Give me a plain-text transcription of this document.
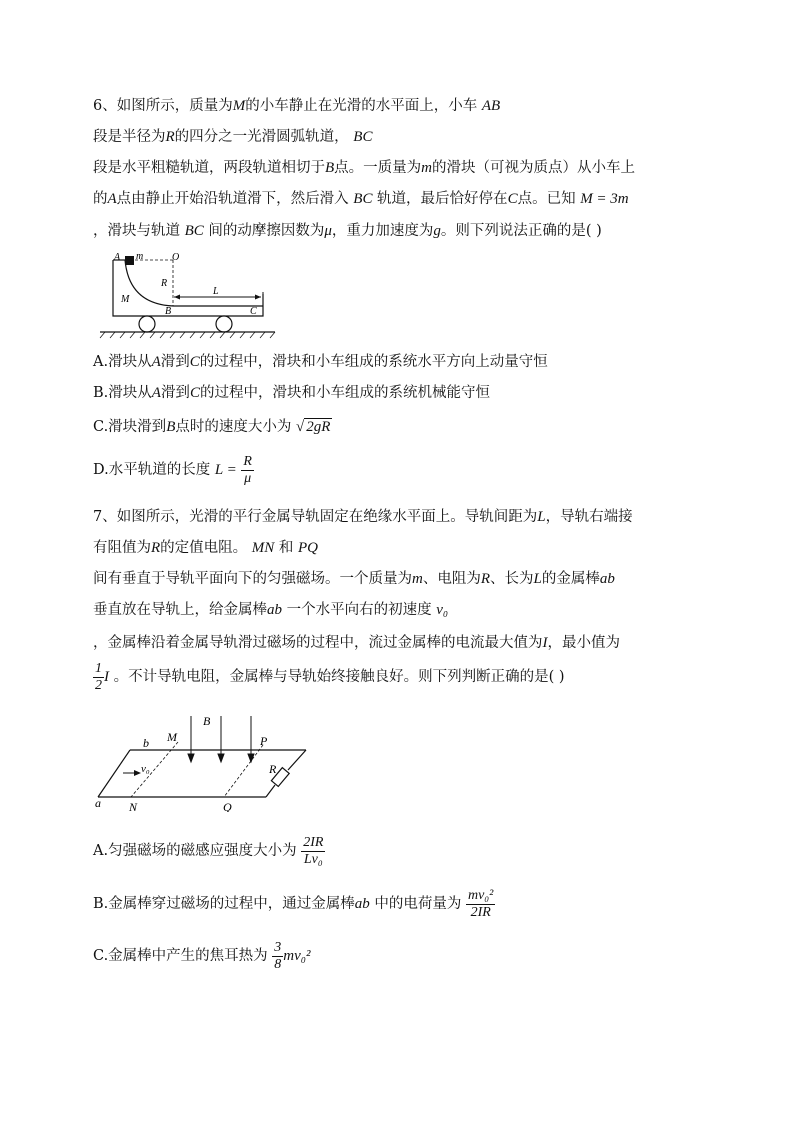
6、如图所示，质量为M的小车静止在光滑的水平面上，小车 AB
段是半径为R的四分之一光滑圆弧轨道， BC
段是水平粗糙轨道，两段轨道相切于B点。一质量为m的滑块（可视为质点）从小车上
的A点由静止开始沿轨道滑下，然后滑入 BC 轨道，最后恰好停在C点。已知 M = 3m
，滑块与轨道 BC 间的动摩擦因数为μ，重力加速度为g。则下列说法正确的是( )
A m	O
R
M
L
B	C
A.滑块从A滑到C的过程中，滑块和小车组成的系统水平方向上动量守恒
B.滑块从A滑到C的过程中，滑块和小车组成的系统机械能守恒
C.滑块滑到B点时的速度大小为 √ 2gR
D.水平轨道的长度 $L = \frac{R}{\mu}$
7、如图所示，光滑的平行金属导轨固定在绝缘水平面上。导轨间距为L，导轨右端接
有阻值为R的定值电阻。 MN 和 PQ
间有垂直于导轨平面向下的匀强磁场。一个质量为m、电阻为R、长为L的金属棒ab
垂直放在导轨上，给金属棒ab 一个水平向右的初速度 v₀
，金属棒沿着金属导轨滑过磁场的过程中，流过金属棒的电流最大值为I，最小值为
$\frac{1}{2}$ I 。不计导轨电阻，金属棒与导轨始终接触良好。则下列判断正确的是( )
B
b M	P
v₀	R
a N	Q
A.匀强磁场的磁感应强度大小为 $\frac{2IR}{\text{Lv₀}}$
B.金属棒穿过磁场的过程中，通过金属棒ab 中的电荷量为 $\frac{\text{mv₀²}}{2IR}$
C.金属棒中产生的焦耳热为 $\frac{3}{8} mv_0^2$
